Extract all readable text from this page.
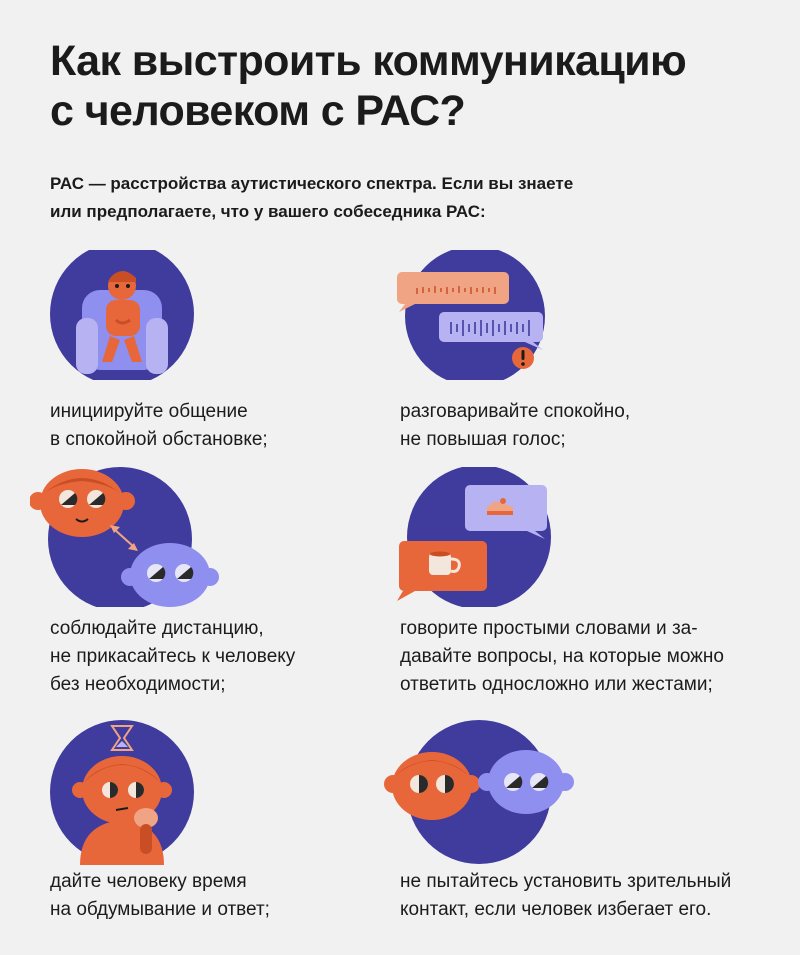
Как выстроить коммуникацию
с человеком с РАС?

РАС — расстройства аутистического спектра. Если вы знаете
или предполагаете, что у вашего собеседника РАС:

инициируйте общение
в спокойной обстановке;

разговаривайте спокойно,
не повышая голос;

соблюдайте дистанцию,
не прикасайтесь к человеку
без необходимости;

говорите простыми словами и за-
давайте вопросы, на которые можно
ответить односложно или жестами;

дайте человеку время
на обдумывание и ответ;

не пытайтесь установить зрительный
контакт, если человек избегает его.
